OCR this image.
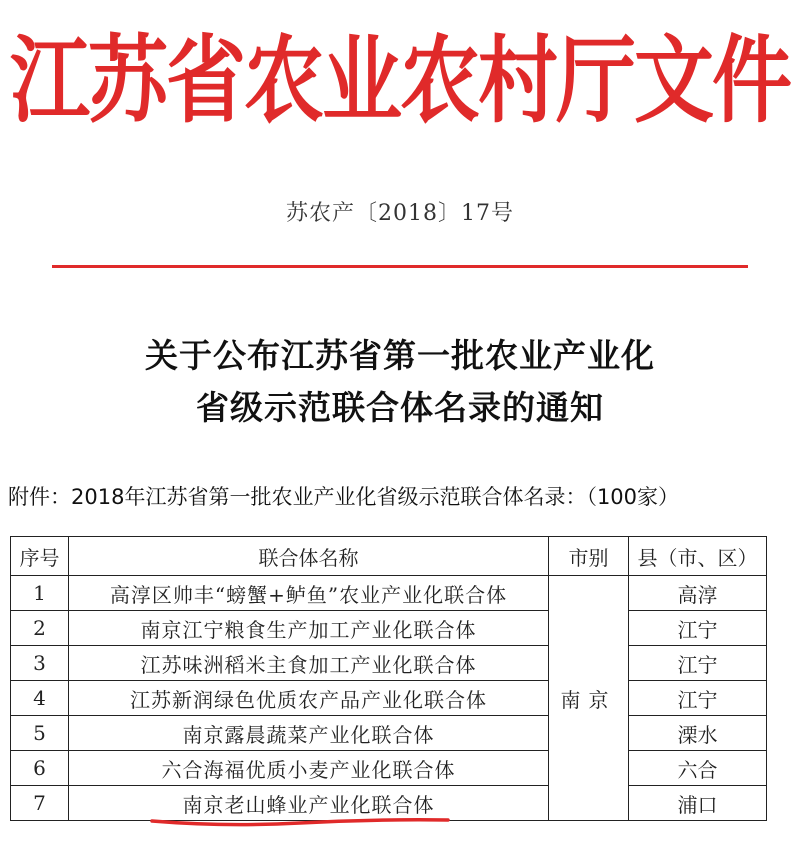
江苏省农业农村厅文件
苏农产〔2018〕17号
关于公布江苏省第一批农业产业化
省级示范联合体名录的通知
附件：2018年江苏省第一批农业产业化省级示范联合体名录：（100家）
序号	联合体名称	市别	县（市、区）
1	高淳区帅丰“螃蟹+鲈鱼”农业产业化联合体	南京	高淳
2	南京江宁粮食生产加工产业化联合体		江宁
3	江苏味洲稻米主食加工产业化联合体		江宁
4	江苏新润绿色优质农产品产业化联合体		江宁
5	南京露晨蔬菜产业化联合体		溧水
6	六合海福优质小麦产业化联合体		六合
7	南京老山蜂业产业化联合体		浦口
